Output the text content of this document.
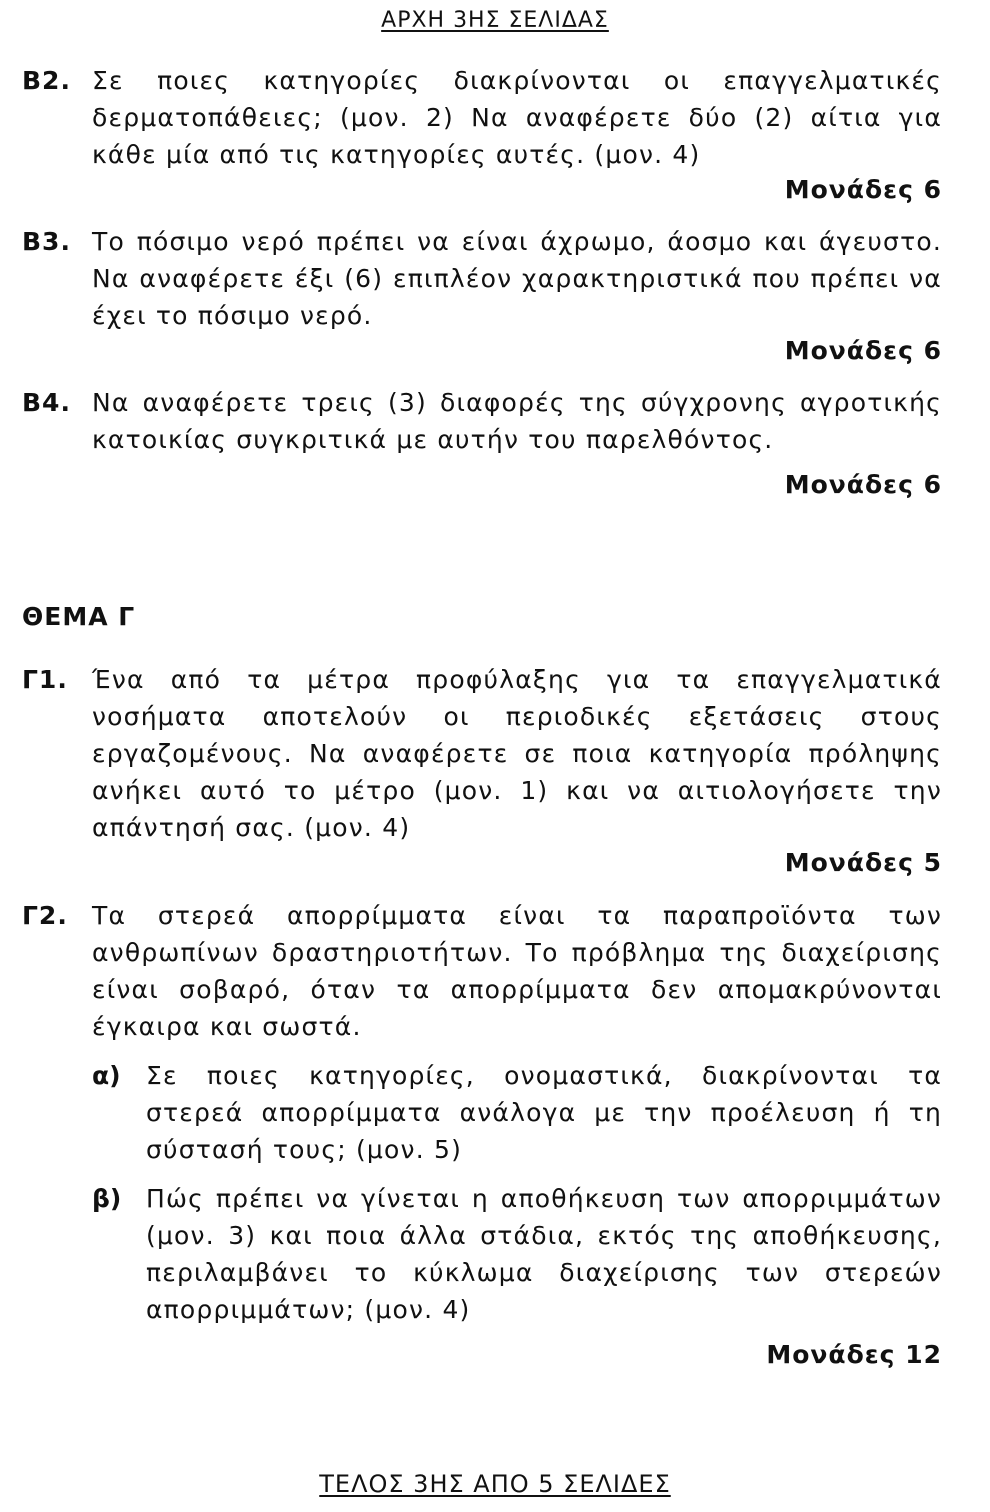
ΑΡΧΗ 3ΗΣ ΣΕΛΙΔΑΣ
Β2. Σε ποιες κατηγορίες διακρίνονται οι επαγγελματικές δερματοπάθειες; (μον. 2) Να αναφέρετε δύο (2) αίτια για κάθε μία από τις κατηγορίες αυτές. (μον. 4)
Μονάδες 6
Β3. Το πόσιμο νερό πρέπει να είναι άχρωμο, άοσμο και άγευστο. Να αναφέρετε έξι (6) επιπλέον χαρακτηριστικά που πρέπει να έχει το πόσιμο νερό.
Μονάδες 6
Β4. Να αναφέρετε τρεις (3) διαφορές της σύγχρονης αγροτικής κατοικίας συγκριτικά με αυτήν του παρελθόντος.
Μονάδες 6
ΘΕΜΑ Γ
Γ1. Ένα από τα μέτρα προφύλαξης για τα επαγγελματικά νοσήματα αποτελούν οι περιοδικές εξετάσεις στους εργαζομένους. Να αναφέρετε σε ποια κατηγορία πρόληψης ανήκει αυτό το μέτρο (μον. 1) και να αιτιολογήσετε την απάντησή σας. (μον. 4)
Μονάδες 5
Γ2. Τα στερεά απορρίμματα είναι τα παραπροϊόντα των ανθρωπίνων δραστηριοτήτων. Το πρόβλημα της διαχείρισης είναι σοβαρό, όταν τα απορρίμματα δεν απομακρύνονται έγκαιρα και σωστά.
α) Σε ποιες κατηγορίες, ονομαστικά, διακρίνονται τα στερεά απορρίμματα ανάλογα με την προέλευση ή τη σύστασή τους; (μον. 5)
β) Πώς πρέπει να γίνεται η αποθήκευση των απορριμμάτων (μον. 3) και ποια άλλα στάδια, εκτός της αποθήκευσης, περιλαμβάνει το κύκλωμα διαχείρισης των στερεών απορριμμάτων; (μον. 4)
Μονάδες 12
ΤΕΛΟΣ 3ΗΣ ΑΠΟ 5 ΣΕΛΙΔΕΣ
